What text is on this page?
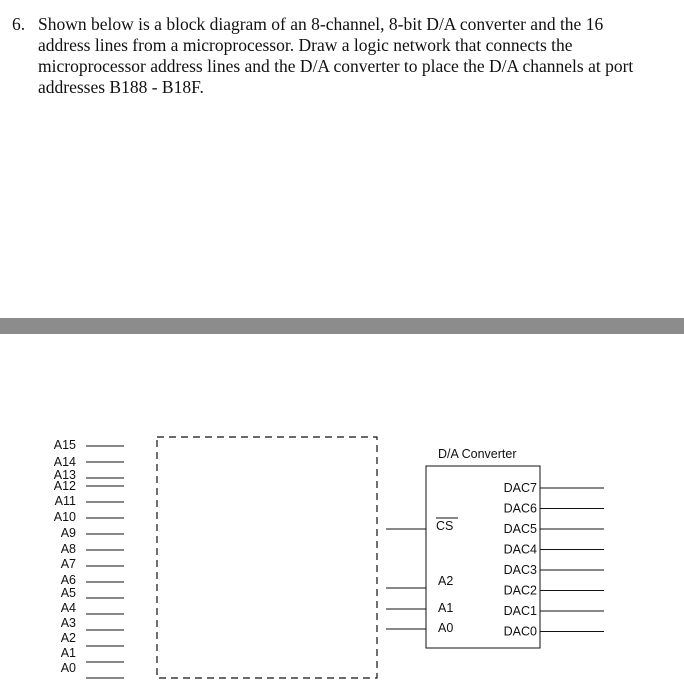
6. Shown below is a block diagram of an 8-channel, 8-bit D/A converter and the 16 address lines from a microprocessor. Draw a logic network that connects the microprocessor address lines and the D/A converter to place the D/A channels at port addresses B188 - B18F.
A15
A14
A13
A12
A11
A10
A9
A8
A7
A6
A5
A4
A3
A2
A1
A0
D/A Converter
CS
A2
A1
A0
DAC7
DAC6
DAC5
DAC4
DAC3
DAC2
DAC1
DAC0
